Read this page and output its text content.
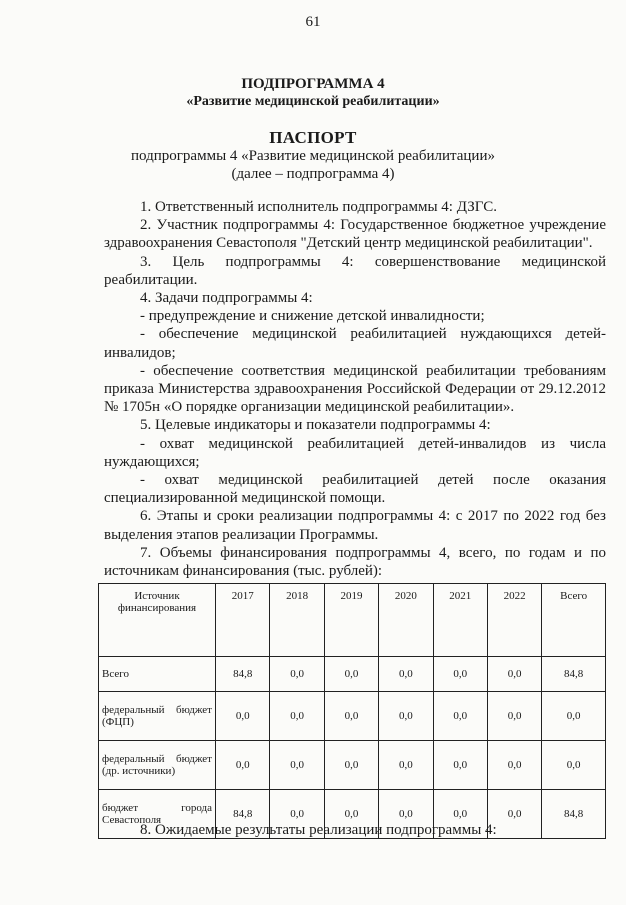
61
ПОДПРОГРАММА 4
«Развитие медицинской реабилитации»
ПАСПОРТ
подпрограммы 4 «Развитие медицинской реабилитации»
(далее – подпрограмма 4)

1. Ответственный исполнитель подпрограммы 4: ДЗГС.

2. Участник подпрограммы 4: Государственное бюджетное учреждение здравоохранения Севастополя "Детский центр медицинской реабилитации".

3. Цель подпрограммы 4: совершенствование медицинской реабилитации.

4. Задачи подпрограммы 4:

- предупреждение и снижение детской инвалидности;

- обеспечение медицинской реабилитацией нуждающихся детей-инвалидов;

- обеспечение соответствия медицинской реабилитации требованиям приказа Министерства здравоохранения Российской Федерации от 29.12.2012 № 1705н «О порядке организации медицинской реабилитации».

5. Целевые индикаторы и показатели подпрограммы 4:

- охват медицинской реабилитацией детей-инвалидов из числа нуждающихся;

- охват медицинской реабилитацией детей после оказания специализированной медицинской помощи.

6. Этапы и сроки реализации подпрограммы 4: с 2017 по 2022 год без выделения этапов реализации Программы.

7. Объемы финансирования подпрограммы 4, всего, по годам и по источникам финансирования (тыс. рублей):

Источник финансирования	2017	2018	2019	2020	2021	2022	Всего
Всего	84,8	0,0	0,0	0,0	0,0	0,0	84,8

федеральный бюджет (ФЦП)	0,0	0,0	0,0	0,0	0,0	0,0	0,0

федеральный бюджет (др. источники)	0,0	0,0	0,0	0,0	0,0	0,0	0,0

бюджет города Севастополя	84,8	0,0	0,0	0,0	0,0	0,0	84,8
8. Ожидаемые результаты реализации подпрограммы 4:
